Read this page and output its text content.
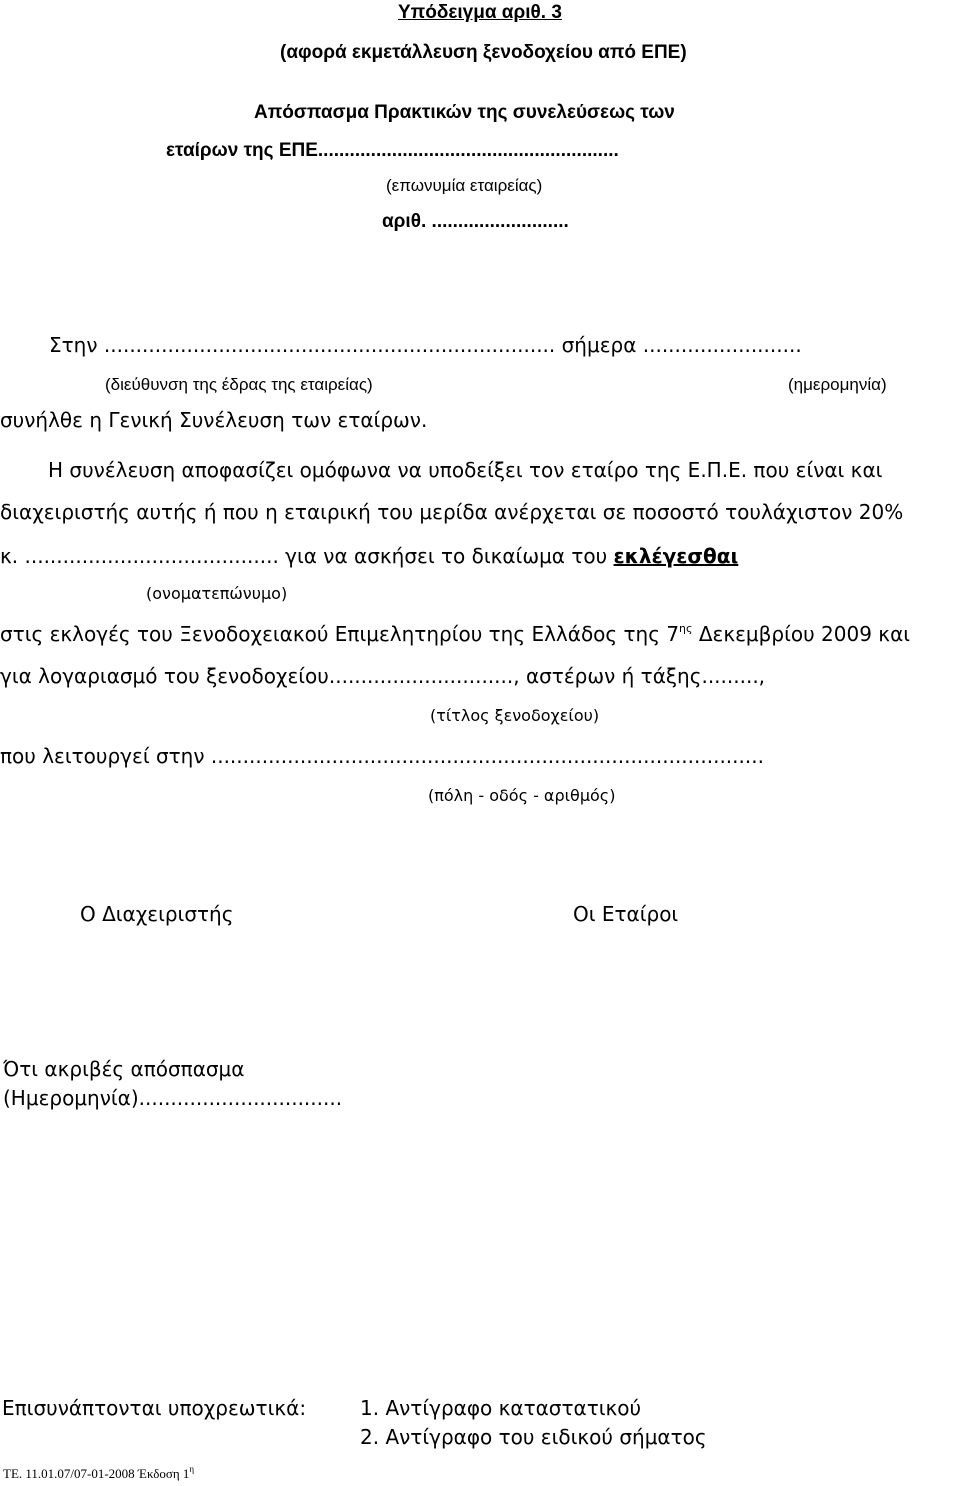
Υπόδειγμα αριθ. 3
(αφορά εκμετάλλευση ξενοδοχείου από ΕΠΕ)
Απόσπασμα Πρακτικών της συνελεύσεως των
εταίρων της ΕΠΕ.........................................................
(επωνυμία εταιρείας)
αριθ. ..........................
Στην ....................................................................... σήμερα .........................
(διεύθυνση της έδρας της εταιρείας)	(ημερομηνία)
συνήλθε η Γενική Συνέλευση των εταίρων.
Η συνέλευση αποφασίζει ομόφωνα να υποδείξει τον εταίρο της Ε.Π.Ε. που είναι και
διαχειριστής αυτής ή που η εταιρική του μερίδα ανέρχεται σε ποσοστό τουλάχιστον 20%
κ. ........................................ για να ασκήσει το δικαίωμα του εκλέγεσθαι
(ονοματεπώνυμο)
στις εκλογές του Ξενοδοχειακού Επιμελητηρίου της Ελλάδος της $7^{\eta\varsigma}$ Δεκεμβρίου 2009 και
για λογαριασμό του ξενοδοχείου............................., αστέρων ή τάξης.........,
(τίτλος ξενοδοχείου)
που λειτουργεί στην .......................................................................................
(πόλη - οδός - αριθμός)
Ο Διαχειριστής	Οι Εταίροι
Ότι ακριβές απόσπασμα
(Ημερομηνία)................................
Επισυνάπτονται υποχρεωτικά:	1. Αντίγραφο καταστατικού
2. Αντίγραφο του ειδικού σήματος
ΤΕ. 11.01.07/07-01-2008 Έκδοση $1^\eta$
